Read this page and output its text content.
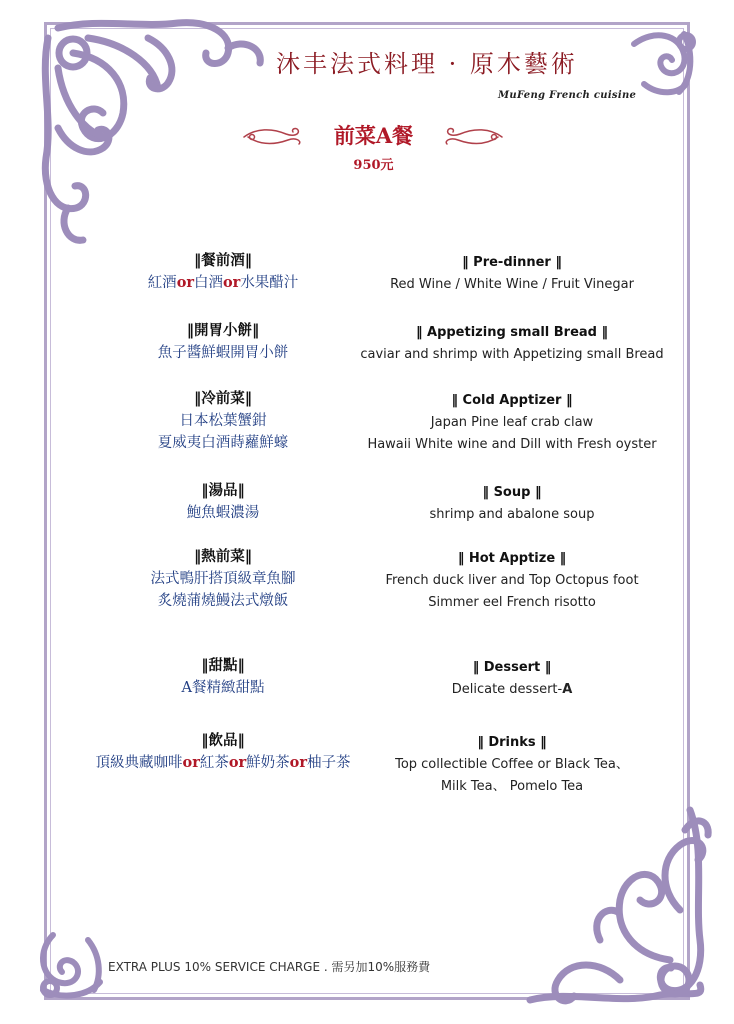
沐丰法式料理 · 原木藝術
MuFeng French cuisine
前菜A餐
950元
‖餐前酒‖
紅酒or白酒or水果醋汁
‖ Pre-dinner ‖
Red Wine / White Wine / Fruit Vinegar
‖開胃小餅‖
魚子醬鮮蝦開胃小餅
‖ Appetizing small Bread ‖
caviar and shrimp with Appetizing small Bread
‖冷前菜‖
日本松葉蟹鉗
夏威夷白酒蒔蘿鮮蠔
‖ Cold Apptizer ‖
Japan Pine leaf crab claw
Hawaii White wine and Dill with Fresh oyster
‖湯品‖
鮑魚蝦濃湯
‖ Soup ‖
shrimp and abalone soup
‖熱前菜‖
法式鴨肝搭頂級章魚腳
炙燒蒲燒鰻法式燉飯
‖ Hot Apptize ‖
French duck liver and Top Octopus foot
Simmer eel French risotto
‖甜點‖
A餐精緻甜點
‖ Dessert ‖
Delicate dessert-A
‖飲品‖
頂級典藏咖啡or紅茶or鮮奶茶or柚子茶
‖ Drinks ‖
Top collectible Coffee or Black Tea、
Milk Tea、 Pomelo Tea
EXTRA PLUS 10% SERVICE CHARGE . 需另加10%服務費
